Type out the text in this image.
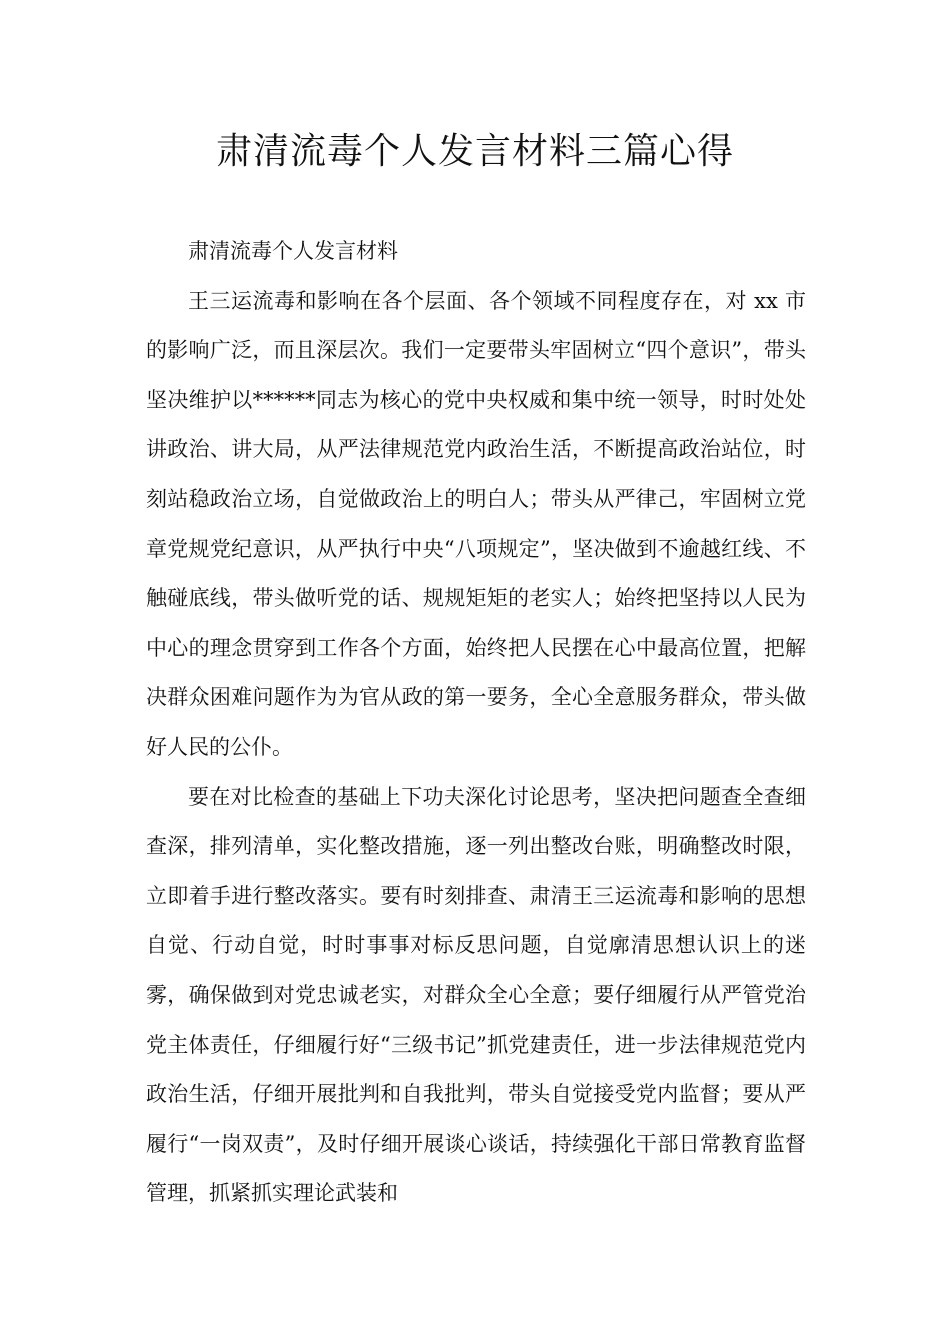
肃清流毒个人发言材料三篇心得

肃清流毒个人发言材料

王三运流毒和影响在各个层面、各个领域不同程度存在，对 xx 市的影响广泛，而且深层次。我们一定要带头牢固树立“四个意识”，带头坚决维护以******同志为核心的党中央权威和集中统一领导，时时处处讲政治、讲大局，从严法律规范党内政治生活，不断提高政治站位，时刻站稳政治立场，自觉做政治上的明白人；带头从严律己，牢固树立党章党规党纪意识，从严执行中央“八项规定”，坚决做到不逾越红线、不触碰底线，带头做听党的话、规规矩矩的老实人；始终把坚持以人民为中心的理念贯穿到工作各个方面，始终把人民摆在心中最高位置，把解决群众困难问题作为为官从政的第一要务，全心全意服务群众，带头做好人民的公仆。

要在对比检查的基础上下功夫深化讨论思考，坚决把问题查全查细查深，排列清单，实化整改措施，逐一列出整改台账，明确整改时限，立即着手进行整改落实。要有时刻排查、肃清王三运流毒和影响的思想自觉、行动自觉，时时事事对标反思问题，自觉廓清思想认识上的迷雾，确保做到对党忠诚老实，对群众全心全意；要仔细履行从严管党治党主体责任，仔细履行好“三级书记”抓党建责任，进一步法律规范党内政治生活，仔细开展批判和自我批判，带头自觉接受党内监督；要从严履行“一岗双责”，及时仔细开展谈心谈话，持续强化干部日常教育监督管理，抓紧抓实理论武装和
